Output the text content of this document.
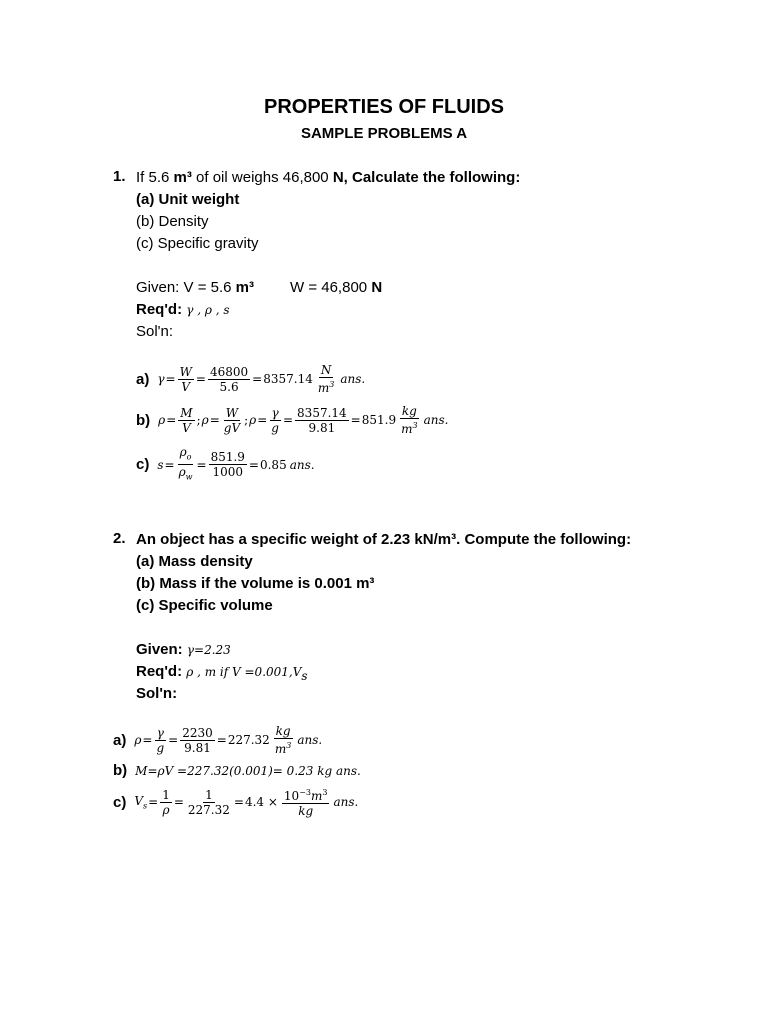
PROPERTIES OF FLUIDS
SAMPLE PROBLEMS A
1. If 5.6 m³ of oil weighs 46,800 N, Calculate the following:
(a) Unit weight
(b) Density
(c) Specific gravity
Given: V = 5.6 m³ W = 46,800 N
Req'd: γ , ρ , s
Sol'n:
a) $\gamma = \frac{W}{V} = \frac{46800}{5.6} = 8357.14 \frac{N}{m^3}$ ans.
b) $\rho = \frac{M}{V}$ ; $\rho = \frac{W}{gV}$ ; $\rho = \frac{\gamma}{g} = \frac{8357.14}{9.81} = 851.9 \frac{kg}{m^3}$ ans.
c) $s = \frac{\rho_o}{\rho_w} = \frac{851.9}{1000} = 0.85$ ans.
2. An object has a specific weight of 2.23 kN/m³. Compute the following:
(a) Mass density
(b) Mass if the volume is 0.001 m³
(c) Specific volume
Given: γ=2.23
Req'd: ρ , m if $V =0.001,V_s$
Sol'n:
a) $\rho = \frac{\gamma}{g} = \frac{2230}{9.81} = 227.32 \frac{kg}{m^3}$ ans.
b) M=ρV =227.32(0.001)= 0.23 kg ans.
c) $V_s = \frac{1}{\rho} = \frac{1}{227.32} = 4.4 \times \frac{10^{-3}m^3}{kg}$ ans.
